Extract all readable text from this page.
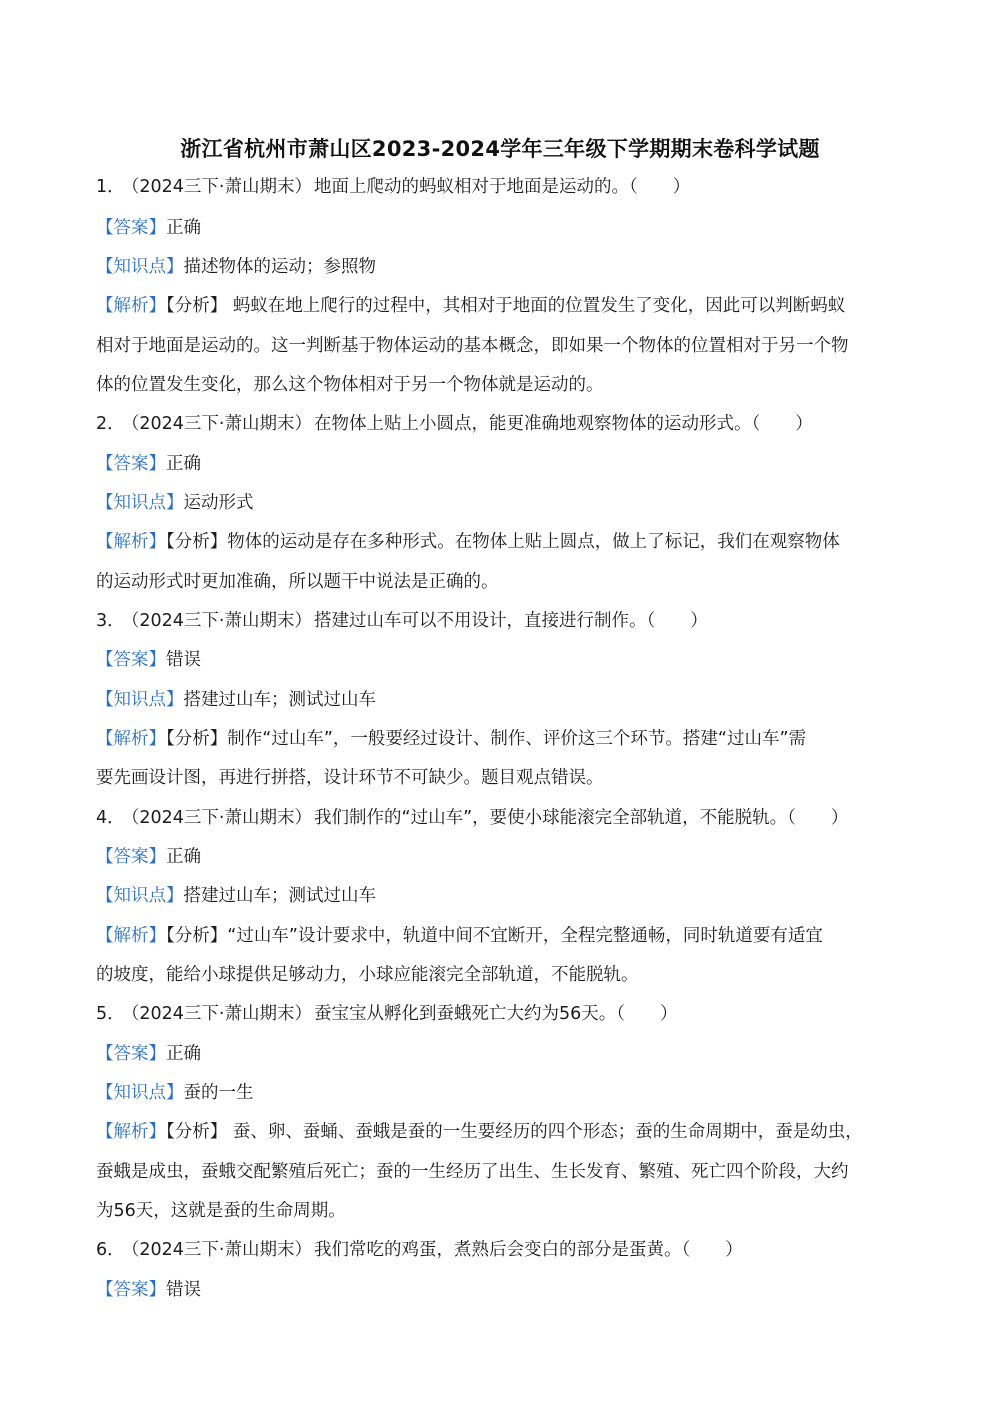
浙江省杭州市萧山区2023-2024学年三年级下学期期末卷科学试题
1． （2024三下·萧山期末） 地面上爬动的蚂蚁相对于地面是运动的。（　　）
【答案】正确
【知识点】描述物体的运动；参照物
【解析】【分析】 蚂蚁在地上爬行的过程中，其相对于地面的位置发生了变化，因此可以判断蚂蚁
相对于地面是运动的。这一判断基于物体运动的基本概念，即如果一个物体的位置相对于另一个物
体的位置发生变化，那么这个物体相对于另一个物体就是运动的。
2． （2024三下·萧山期末） 在物体上贴上小圆点，能更准确地观察物体的运动形式。（　　）
【答案】正确
【知识点】运动形式
【解析】【分析】物体的运动是存在多种形式。在物体上贴上圆点，做上了标记，我们在观察物体
的运动形式时更加准确，所以题干中说法是正确的。
3． （2024三下·萧山期末） 搭建过山车可以不用设计，直接进行制作。（　　）
【答案】错误
【知识点】搭建过山车；测试过山车
【解析】【分析】制作“过山车”，一般要经过设计、制作、评价这三个环节。搭建“过山车”需
要先画设计图，再进行拼搭，设计环节不可缺少。题目观点错误。
4． （2024三下·萧山期末） 我们制作的“过山车”，要使小球能滚完全部轨道，不能脱轨。（　　）
【答案】正确
【知识点】搭建过山车；测试过山车
【解析】【分析】“过山车”设计要求中，轨道中间不宜断开，全程完整通畅，同时轨道要有适宜
的坡度，能给小球提供足够动力，小球应能滚完全部轨道，不能脱轨。
5． （2024三下·萧山期末） 蚕宝宝从孵化到蚕蛾死亡大约为56天。（　　）
【答案】正确
【知识点】蚕的一生
【解析】【分析】 蚕、卵、蚕蛹、蚕蛾是蚕的一生要经历的四个形态；蚕的生命周期中，蚕是幼虫，
蚕蛾是成虫，蚕蛾交配繁殖后死亡；蚕的一生经历了出生、生长发育、繁殖、死亡四个阶段，大约
为56天，这就是蚕的生命周期。
6． （2024三下·萧山期末） 我们常吃的鸡蛋，煮熟后会变白的部分是蛋黄。（　　）
【答案】错误
